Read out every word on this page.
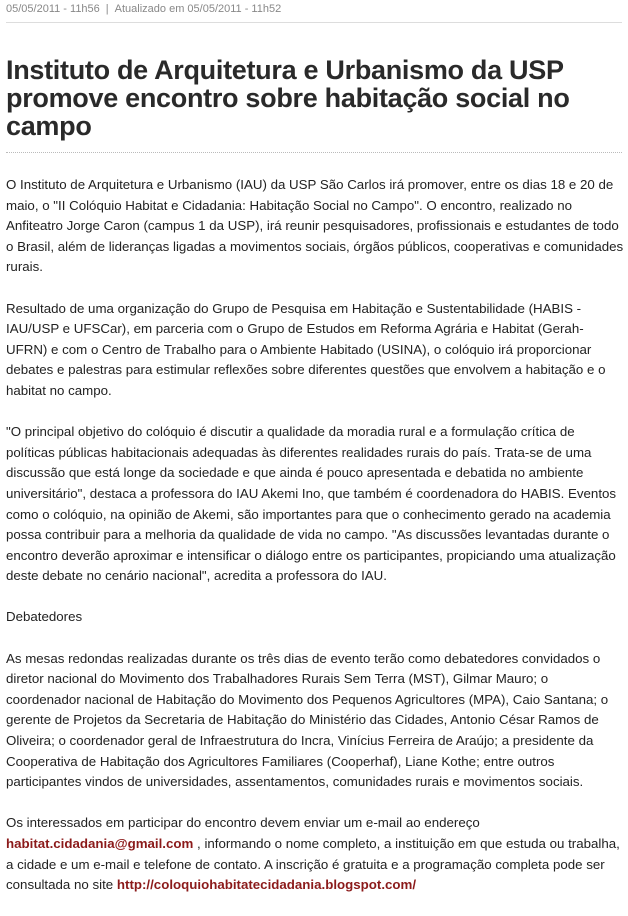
05/05/2011 - 11h56 | Atualizado em 05/05/2011 - 11h52
Instituto de Arquitetura e Urbanismo da USP promove encontro sobre habitação social no campo

O Instituto de Arquitetura e Urbanismo (IAU) da USP São Carlos irá promover, entre os dias 18 e 20 de maio, o "II Colóquio Habitat e Cidadania: Habitação Social no Campo". O encontro, realizado no Anfiteatro Jorge Caron (campus 1 da USP), irá reunir pesquisadores, profissionais e estudantes de todo o Brasil, além de lideranças ligadas a movimentos sociais, órgãos públicos, cooperativas e comunidades rurais.

Resultado de uma organização do Grupo de Pesquisa em Habitação e Sustentabilidade (HABIS - IAU/USP e UFSCar), em parceria com o Grupo de Estudos em Reforma Agrária e Habitat (Gerah-UFRN) e com o Centro de Trabalho para o Ambiente Habitado (USINA), o colóquio irá proporcionar debates e palestras para estimular reflexões sobre diferentes questões que envolvem a habitação e o habitat no campo.

"O principal objetivo do colóquio é discutir a qualidade da moradia rural e a formulação crítica de políticas públicas habitacionais adequadas às diferentes realidades rurais do país. Trata-se de uma discussão que está longe da sociedade e que ainda é pouco apresentada e debatida no ambiente universitário", destaca a professora do IAU Akemi Ino, que também é coordenadora do HABIS. Eventos como o colóquio, na opinião de Akemi, são importantes para que o conhecimento gerado na academia possa contribuir para a melhoria da qualidade de vida no campo. "As discussões levantadas durante o encontro deverão aproximar e intensificar o diálogo entre os participantes, propiciando uma atualização deste debate no cenário nacional", acredita a professora do IAU.

Debatedores

As mesas redondas realizadas durante os três dias de evento terão como debatedores convidados o diretor nacional do Movimento dos Trabalhadores Rurais Sem Terra (MST), Gilmar Mauro; o coordenador nacional de Habitação do Movimento dos Pequenos Agricultores (MPA), Caio Santana; o gerente de Projetos da Secretaria de Habitação do Ministério das Cidades, Antonio César Ramos de Oliveira; o coordenador geral de Infraestrutura do Incra, Vinícius Ferreira de Araújo; a presidente da Cooperativa de Habitação dos Agricultores Familiares (Cooperhaf), Liane Kothe; entre outros participantes vindos de universidades, assentamentos, comunidades rurais e movimentos sociais.

Os interessados em participar do encontro devem enviar um e-mail ao endereço habitat.cidadania@gmail.com , informando o nome completo, a instituição em que estuda ou trabalha, a cidade e um e-mail e telefone de contato. A inscrição é gratuita e a programação completa pode ser consultada no site http://coloquiohabitatecidadania.blogspot.com/
